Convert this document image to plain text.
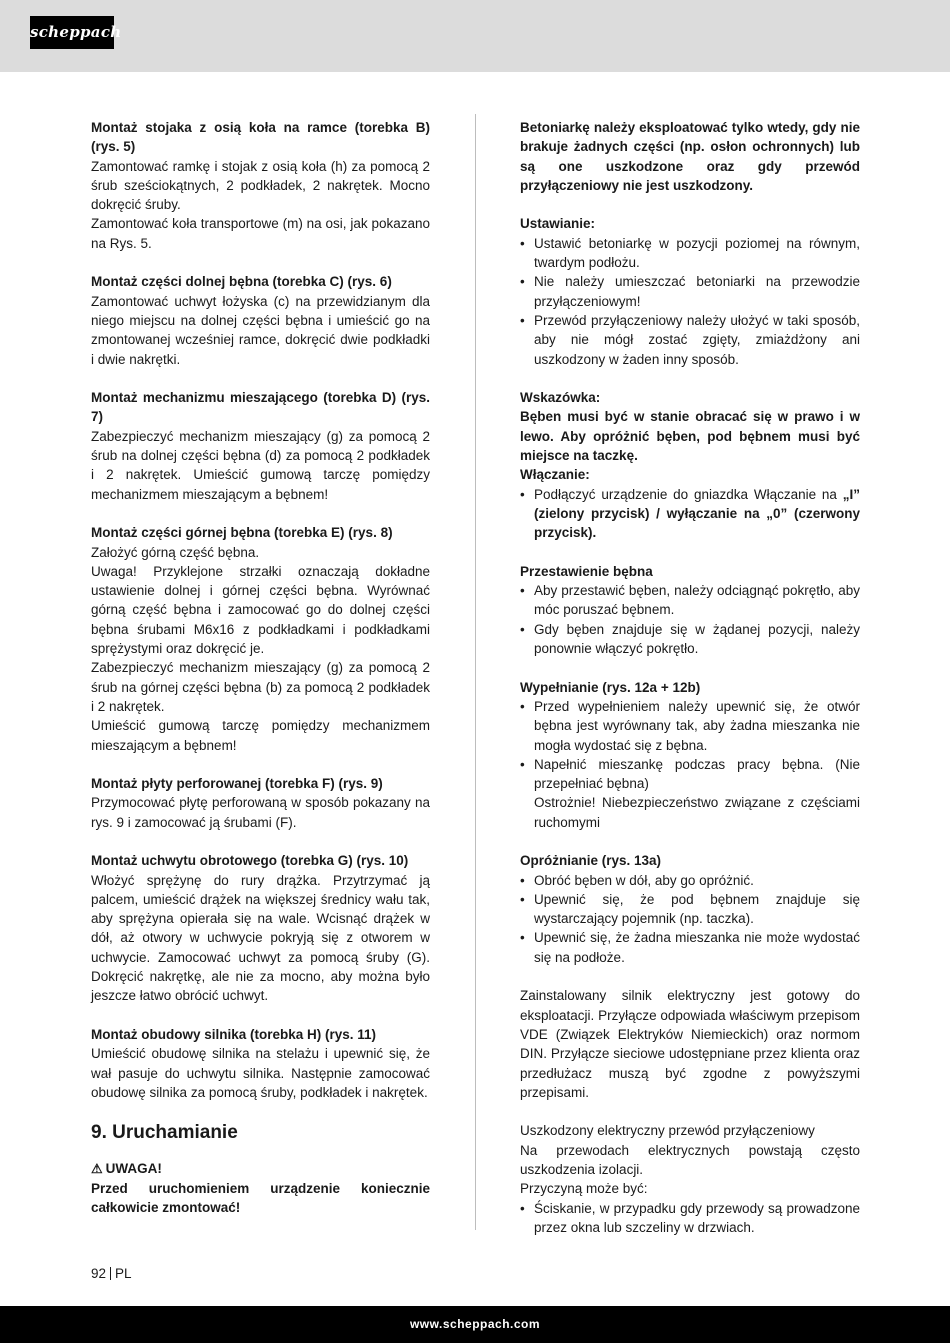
scheppach

Montaż stojaka z osią koła na ramce (torebka B) (rys. 5)

Zamontować ramkę i stojak z osią koła (h) za pomocą 2 śrub sześciokątnych, 2 podkładek, 2 nakrętek. Mocno dokręcić śruby.

Zamontować koła transportowe (m) na osi, jak pokazano na Rys. 5.

Montaż części dolnej bębna (torebka C) (rys. 6)

Zamontować uchwyt łożyska (c) na przewidzianym dla niego miejscu na dolnej części bębna i umieścić go na zmontowanej wcześniej ramce, dokręcić dwie podkładki i dwie nakrętki.

Montaż mechanizmu mieszającego (torebka D) (rys. 7)

Zabezpieczyć mechanizm mieszający (g) za pomocą 2 śrub na dolnej części bębna (d) za pomocą 2 podkładek i 2 nakrętek. Umieścić gumową tarczę pomiędzy mechanizmem mieszającym a bębnem!

Montaż części górnej bębna (torebka E) (rys. 8)

Założyć górną część bębna.

Uwaga! Przyklejone strzałki oznaczają dokładne ustawienie dolnej i górnej części bębna. Wyrównać górną część bębna i zamocować go do dolnej części bębna śrubami M6x16 z podkładkami i podkładkami sprężystymi oraz dokręcić je.

Zabezpieczyć mechanizm mieszający (g) za pomocą 2 śrub na górnej części bębna (b) za pomocą 2 podkładek i 2 nakrętek.

Umieścić gumową tarczę pomiędzy mechanizmem mieszającym a bębnem!

Montaż płyty perforowanej (torebka F) (rys. 9)

Przymocować płytę perforowaną w sposób pokazany na rys. 9 i zamocować ją śrubami (F).

Montaż uchwytu obrotowego (torebka G) (rys. 10)

Włożyć sprężynę do rury drążka. Przytrzymać ją palcem, umieścić drążek na większej średnicy wału tak, aby sprężyna opierała się na wale. Wcisnąć drążek w dół, aż otwory w uchwycie pokryją się z otworem w uchwycie. Zamocować uchwyt za pomocą śruby (G). Dokręcić nakrętkę, ale nie za mocno, aby można było jeszcze łatwo obrócić uchwyt.

Montaż obudowy silnika (torebka H) (rys. 11)

Umieścić obudowę silnika na stelażu i upewnić się, że wał pasuje do uchwytu silnika. Następnie zamocować obudowę silnika za pomocą śruby, podkładek i nakrętek.

9. Uruchamianie

⚠ UWAGA!

Przed uruchomieniem urządzenie koniecznie całkowicie zmontować!

Betoniarkę należy eksploatować tylko wtedy, gdy nie brakuje żadnych części (np. osłon ochronnych) lub są one uszkodzone oraz gdy przewód przyłączeniowy nie jest uszkodzony.

Ustawianie:

• Ustawić betoniarkę w pozycji poziomej na równym, twardym podłożu.
• Nie należy umieszczać betoniarki na przewodzie przyłączeniowym!
• Przewód przyłączeniowy należy ułożyć w taki sposób, aby nie mógł zostać zgięty, zmiażdżony ani uszkodzony w żaden inny sposób.

Wskazówka:

Bęben musi być w stanie obracać się w prawo i w lewo. Aby opróżnić bęben, pod bębnem musi być miejsce na taczkę.

Włączanie:

• Podłączyć urządzenie do gniazdka Włączanie na „I” (zielony przycisk) / wyłączanie na „0” (czerwony przycisk).

Przestawienie bębna

• Aby przestawić bęben, należy odciągnąć pokrętło, aby móc poruszać bębnem.
• Gdy bęben znajduje się w żądanej pozycji, należy ponownie włączyć pokrętło.

Wypełnianie (rys. 12a + 12b)

• Przed wypełnieniem należy upewnić się, że otwór bębna jest wyrównany tak, aby żadna mieszanka nie mogła wydostać się z bębna.
• Napełnić mieszankę podczas pracy bębna. (Nie przepełniać bębna)
Ostrożnie! Niebezpieczeństwo związane z częściami ruchomymi

Opróżnianie (rys. 13a)

• Obróć bęben w dół, aby go opróżnić.
• Upewnić się, że pod bębnem znajduje się wystarczający pojemnik (np. taczka).
• Upewnić się, że żadna mieszanka nie może wydostać się na podłoże.

Zainstalowany silnik elektryczny jest gotowy do eksploatacji. Przyłącze odpowiada właściwym przepisom VDE (Związek Elektryków Niemieckich) oraz normom DIN. Przyłącze sieciowe udostępniane przez klienta oraz przedłużacz muszą być zgodne z powyższymi przepisami.

Uszkodzony elektryczny przewód przyłączeniowy

Na przewodach elektrycznych powstają często uszkodzenia izolacji.

Przyczyną może być:

• Ściskanie, w przypadku gdy przewody są prowadzone przez okna lub szczeliny w drzwiach.
92 PL
www.scheppach.com
